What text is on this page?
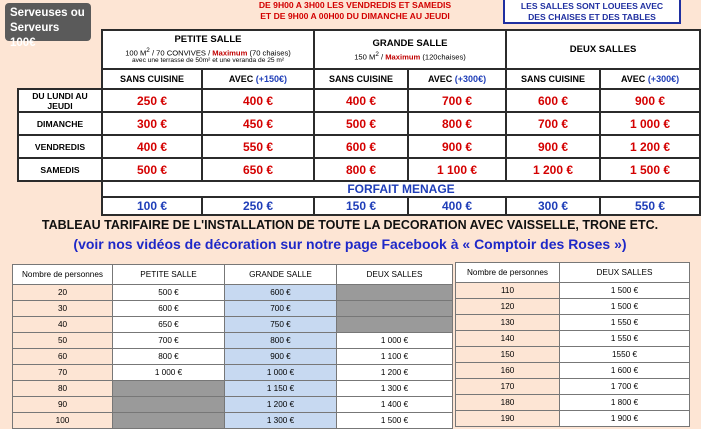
Serveuses ou
Serveurs 100€
DE 9H00 A 3H00 LES VENDREDIS ET SAMEDIS
ET DE 9H00 A 00H00 DU DIMANCHE AU JEUDI
LES SALLES SONT LOUEES AVEC
DES CHAISES ET DES TABLES

	PETITE SALLE
100 $M^2 / 70$ CONVIVES / Maximum (70 chaises)
avec une terrasse de 50m² et une veranda de 25 m²		GRANDE SALLE
150 $M^2$ / Maximum (120chaises)		DEUX SALLES	
	SANS CUISINE	AVEC (+150€)	SANS CUISINE	AVEC (+300€)	SANS CUISINE	AVEC (+300€)
DU LUNDI AU JEUDI	250 €	400 €	400 €	700 €	600 €	900 €
DIMANCHE	300 €	450 €	500 €	800 €	700 €	1 000 €
VENDREDIS	400 €	550 €	600 €	900 €	900 €	1 200 €
SAMEDIS	500 €	650 €	800 €	1 100 €	1 200 €	1 500 €
	FORFAIT MENAGE					
	100 €	250 €	150 €	400 €	300 €	550 €
TABLEAU TARIFAIRE DE L'INSTALLATION DE TOUTE LA DECORATION AVEC VAISSELLE, TRONE ETC.
(voir nos vidéos de décoration sur notre page Facebook à « Comptoir des Roses »)
Nombre de personnes	PETITE SALLE	GRANDE SALLE	DEUX SALLES
20	500 €	600 €	
30	600 €	700 €	
40	650 €	750 €	
50	700 €	800 €	1 000 €
60	800 €	900 €	1 100 €
70	1 000 €	1 000 €	1 200 €
80		1 150 €	1 300 €
90		1 200 €	1 400 €
100		1 300 €	1 500 €
Nombre de personnes	DEUX SALLES
110	1 500 €
120	1 500 €
130	1 550 €
140	1 550 €
150	1550 €
160	1 600 €
170	1 700 €
180	1 800 €
190	1 900 €
